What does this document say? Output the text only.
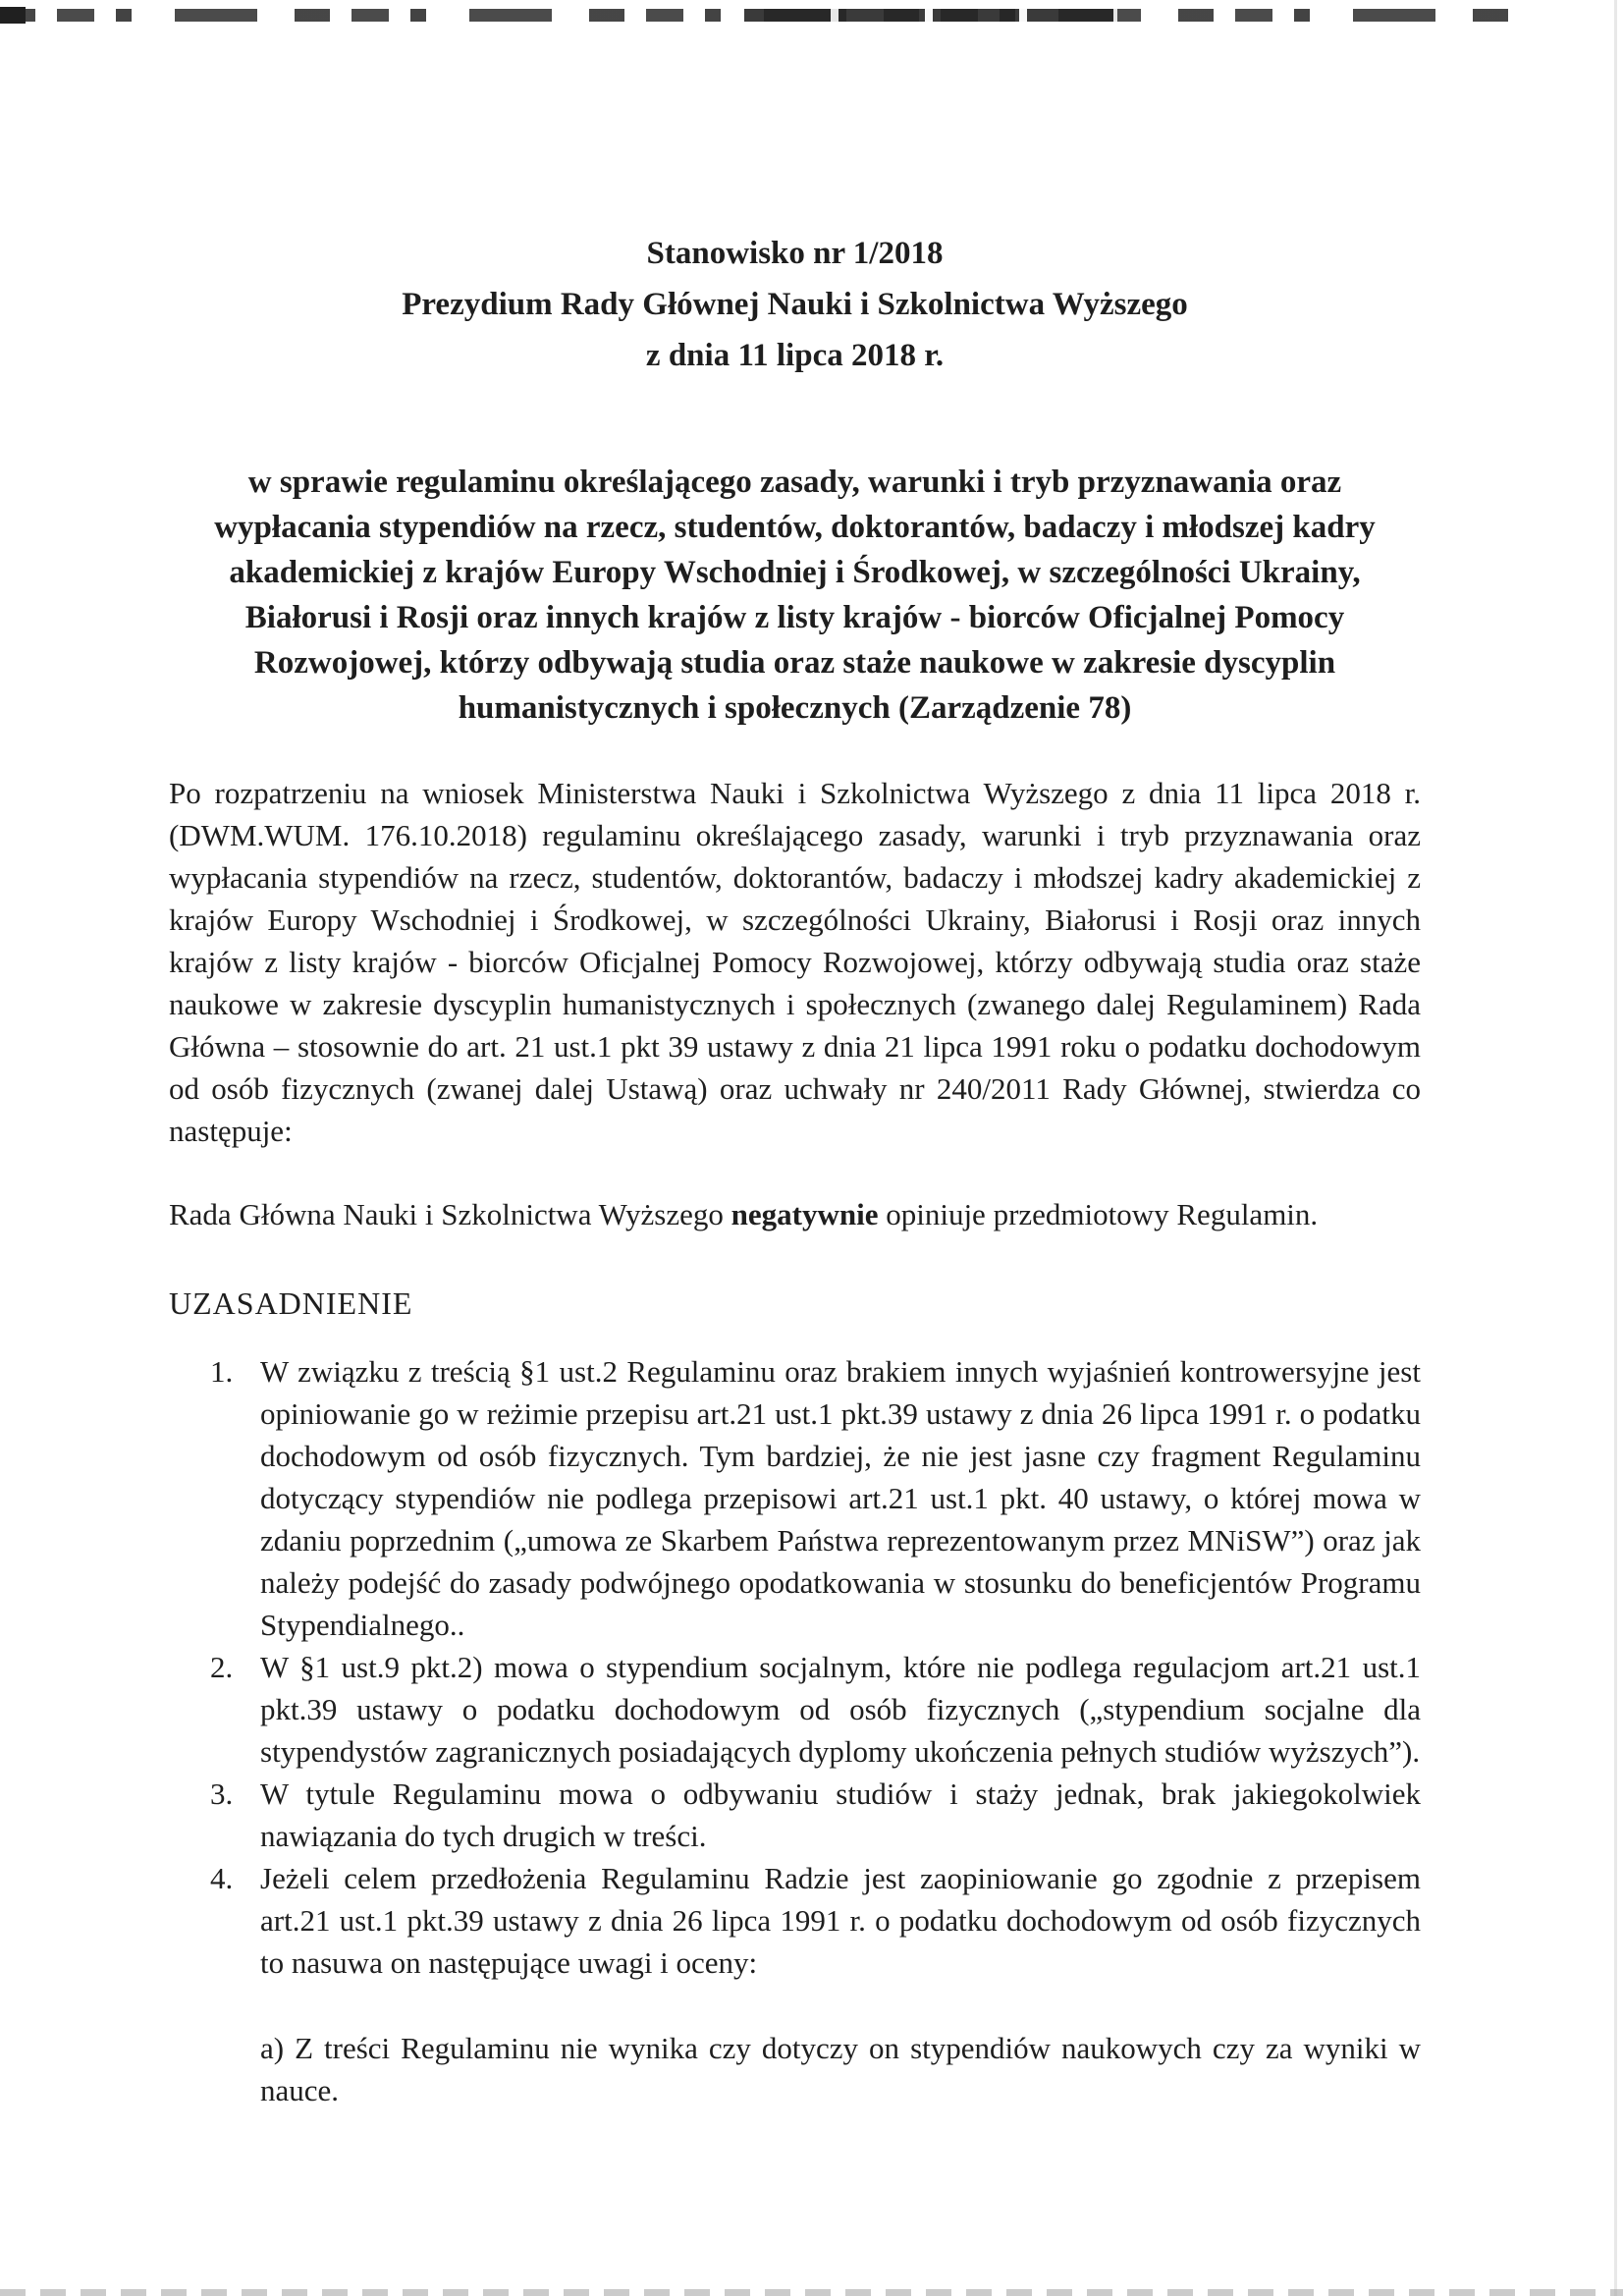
Stanowisko nr 1/2018
Prezydium Rady Głównej Nauki i Szkolnictwa Wyższego
z dnia 11 lipca 2018 r.

w sprawie regulaminu określającego zasady, warunki i tryb przyznawania oraz wypłacania stypendiów na rzecz, studentów, doktorantów, badaczy i młodszej kadry akademickiej z krajów Europy Wschodniej i Środkowej, w szczególności Ukrainy, Białorusi i Rosji oraz innych krajów z listy krajów - biorców Oficjalnej Pomocy Rozwojowej, którzy odbywają studia oraz staże naukowe w zakresie dyscyplin humanistycznych i społecznych (Zarządzenie 78)

Po rozpatrzeniu na wniosek Ministerstwa Nauki i Szkolnictwa Wyższego z dnia 11 lipca 2018 r. (DWM.WUM. 176.10.2018) regulaminu określającego zasady, warunki i tryb przyznawania oraz wypłacania stypendiów na rzecz, studentów, doktorantów, badaczy i młodszej kadry akademickiej z krajów Europy Wschodniej i Środkowej, w szczególności Ukrainy, Białorusi i Rosji oraz innych krajów z listy krajów - biorców Oficjalnej Pomocy Rozwojowej, którzy odbywają studia oraz staże naukowe w zakresie dyscyplin humanistycznych i społecznych (zwanego dalej Regulaminem) Rada Główna – stosownie do art. 21 ust.1 pkt 39 ustawy z dnia 21 lipca 1991 roku o podatku dochodowym od osób fizycznych (zwanej dalej Ustawą) oraz uchwały nr 240/2011 Rady Głównej, stwierdza co następuje:

Rada Główna Nauki i Szkolnictwa Wyższego negatywnie opiniuje przedmiotowy Regulamin.

UZASADNIENIE

1. W związku z treścią §1 ust.2 Regulaminu oraz brakiem innych wyjaśnień kontrowersyjne jest opiniowanie go w reżimie przepisu art.21 ust.1 pkt.39 ustawy z dnia 26 lipca 1991 r. o podatku dochodowym od osób fizycznych. Tym bardziej, że nie jest jasne czy fragment Regulaminu dotyczący stypendiów nie podlega przepisowi art.21 ust.1 pkt. 40 ustawy, o której mowa w zdaniu poprzednim („umowa ze Skarbem Państwa reprezentowanym przez MNiSW”) oraz jak należy podejść do zasady podwójnego opodatkowania w stosunku do beneficjentów Programu Stypendialnego..
2. W §1 ust.9 pkt.2) mowa o stypendium socjalnym, które nie podlega regulacjom art.21 ust.1 pkt.39 ustawy o podatku dochodowym od osób fizycznych („stypendium socjalne dla stypendystów zagranicznych posiadających dyplomy ukończenia pełnych studiów wyższych”).
3. W tytule Regulaminu mowa o odbywaniu studiów i staży jednak, brak jakiegokolwiek nawiązania do tych drugich w treści.
4. Jeżeli celem przedłożenia Regulaminu Radzie jest zaopiniowanie go zgodnie z przepisem art.21 ust.1 pkt.39 ustawy z dnia 26 lipca 1991 r. o podatku dochodowym od osób fizycznych to nasuwa on następujące uwagi i oceny:

a) Z treści Regulaminu nie wynika czy dotyczy on stypendiów naukowych czy za wyniki w nauce.
